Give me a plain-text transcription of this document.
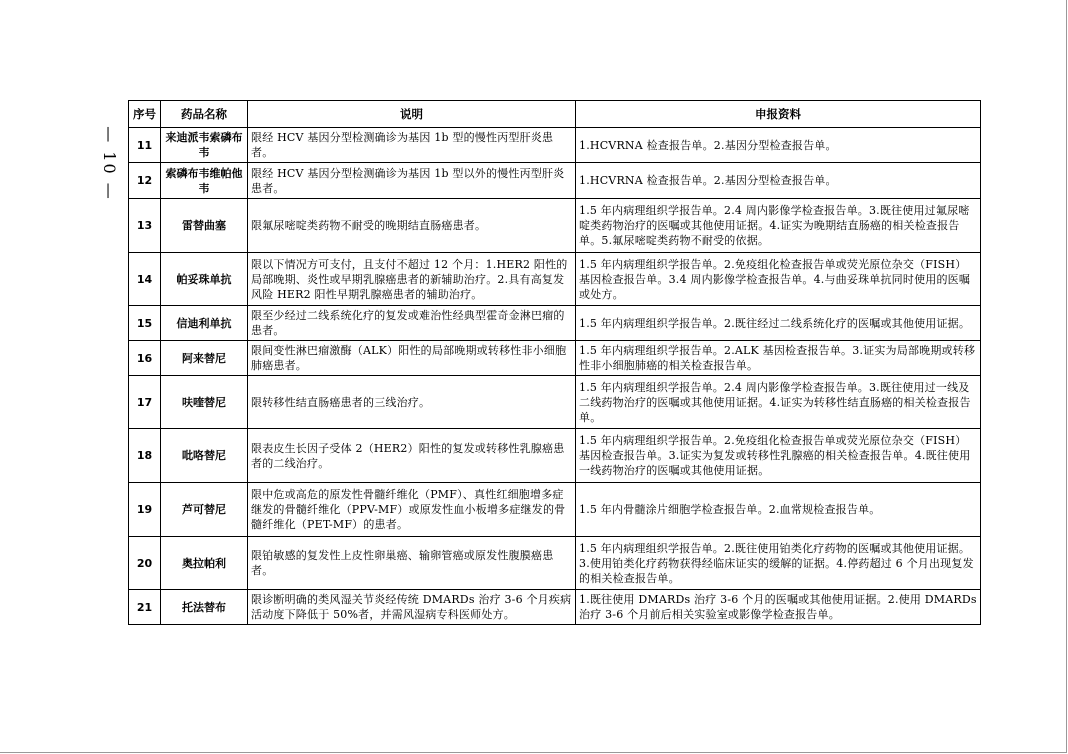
— 10 —
序号	药品名称	说明	申报资料
11	来迪派韦索磷布韦	限经 HCV 基因分型检测确诊为基因 1b 型的慢性丙型肝炎患者。	1.HCVRNA 检查报告单。2.基因分型检查报告单。
12	索磷布韦维帕他韦	限经 HCV 基因分型检测确诊为基因 1b 型以外的慢性丙型肝炎患者。	1.HCVRNA 检查报告单。2.基因分型检查报告单。
13	雷替曲塞	限氟尿嘧啶类药物不耐受的晚期结直肠癌患者。	1.5 年内病理组织学报告单。2.4 周内影像学检查报告单。3.既往使用过氟尿嘧啶类药物治疗的医嘱或其他使用证据。4.证实为晚期结直肠癌的相关检查报告单。5.氟尿嘧啶类药物不耐受的依据。
14	帕妥珠单抗	限以下情况方可支付，且支付不超过 12 个月：1.HER2 阳性的局部晚期、炎性或早期乳腺癌患者的新辅助治疗。2.具有高复发风险 HER2 阳性早期乳腺癌患者的辅助治疗。	1.5 年内病理组织学报告单。2.免疫组化检查报告单或荧光原位杂交（FISH）基因检查报告单。3.4 周内影像学检查报告单。4.与曲妥珠单抗同时使用的医嘱或处方。
15	信迪利单抗	限至少经过二线系统化疗的复发或难治性经典型霍奇金淋巴瘤的患者。	1.5 年内病理组织学报告单。2.既往经过二线系统化疗的医嘱或其他使用证据。
16	阿来替尼	限间变性淋巴瘤激酶（ALK）阳性的局部晚期或转移性非小细胞肺癌患者。	1.5 年内病理组织学报告单。2.ALK 基因检查报告单。3.证实为局部晚期或转移性非小细胞肺癌的相关检查报告单。
17	呋喹替尼	限转移性结直肠癌患者的三线治疗。	1.5 年内病理组织学报告单。2.4 周内影像学检查报告单。3.既往使用过一线及二线药物治疗的医嘱或其他使用证据。4.证实为转移性结直肠癌的相关检查报告单。
18	吡咯替尼	限表皮生长因子受体 2（HER2）阳性的复发或转移性乳腺癌患者的二线治疗。	1.5 年内病理组织学报告单。2.免疫组化检查报告单或荧光原位杂交（FISH）基因检查报告单。3.证实为复发或转移性乳腺癌的相关检查报告单。4.既往使用一线药物治疗的医嘱或其他使用证据。
19	芦可替尼	限中危或高危的原发性骨髓纤维化（PMF）、真性红细胞增多症继发的骨髓纤维化（PPV-MF）或原发性血小板增多症继发的骨髓纤维化（PET-MF）的患者。	1.5 年内骨髓涂片细胞学检查报告单。2.血常规检查报告单。
20	奥拉帕利	限铂敏感的复发性上皮性卵巢癌、输卵管癌或原发性腹膜癌患者。	1.5 年内病理组织学报告单。2.既往使用铂类化疗药物的医嘱或其他使用证据。3.使用铂类化疗药物获得经临床证实的缓解的证据。4.停药超过 6 个月出现复发的相关检查报告单。
21	托法替布	限诊断明确的类风湿关节炎经传统 DMARDs 治疗 3-6 个月疾病活动度下降低于 50%者，并需风湿病专科医师处方。	1.既往使用 DMARDs 治疗 3-6 个月的医嘱或其他使用证据。2.使用 DMARDs 治疗 3-6 个月前后相关实验室或影像学检查报告单。
